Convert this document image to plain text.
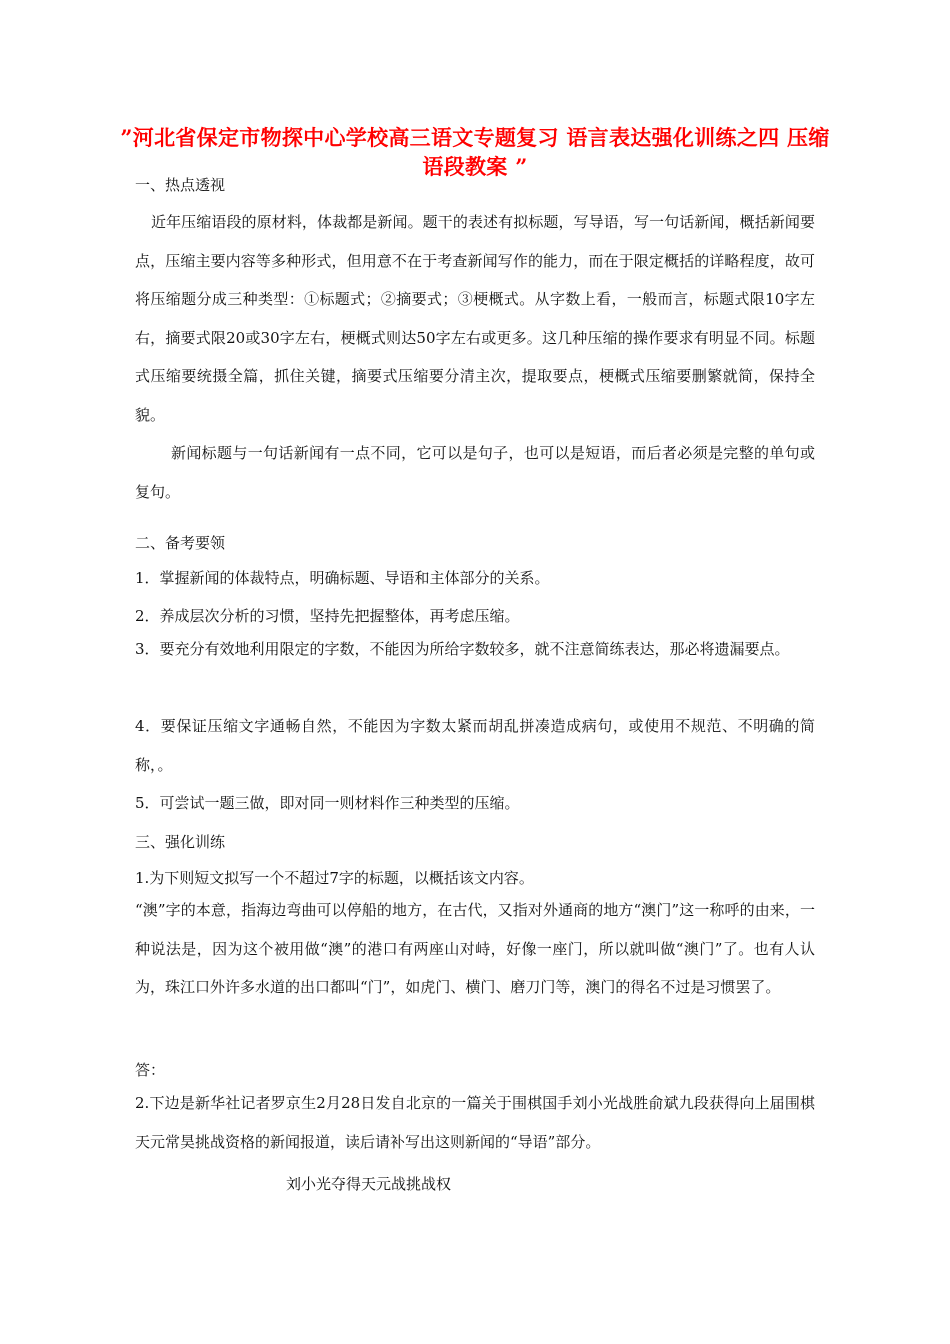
”河北省保定市物探中心学校高三语文专题复习 语言表达强化训练之四 压缩语段教案 ”
一、热点透视
近年压缩语段的原材料，体裁都是新闻。题干的表述有拟标题，写导语，写一句话新闻，概括新闻要点，压缩主要内容等多种形式，但用意不在于考查新闻写作的能力，而在于限定概括的详略程度，故可将压缩题分成三种类型：①标题式；②摘要式；③梗概式。从字数上看，一般而言，标题式限10字左右，摘要式限20或30字左右，梗概式则达50字左右或更多。这几种压缩的操作要求有明显不同。标题式压缩要统摄全篇，抓住关键，摘要式压缩要分清主次，提取要点，梗概式压缩要删繁就简，保持全貌。
新闻标题与一句话新闻有一点不同，它可以是句子，也可以是短语，而后者必须是完整的单句或复句。
二、备考要领
1．掌握新闻的体裁特点，明确标题、导语和主体部分的关系。
2．养成层次分析的习惯，坚持先把握整体，再考虑压缩。
3．要充分有效地利用限定的字数，不能因为所给字数较多，就不注意简练表达，那必将遗漏要点。
4．要保证压缩文字通畅自然，不能因为字数太紧而胡乱拼凑造成病句，或使用不规范、不明确的简称，。
5．可尝试一题三做，即对同一则材料作三种类型的压缩。
三、强化训练
1.为下则短文拟写一个不超过7字的标题，以概括该文内容。
“澳”字的本意，指海边弯曲可以停船的地方，在古代，又指对外通商的地方“澳门”这一称呼的由来，一种说法是，因为这个被用做“澳”的港口有两座山对峙，好像一座门，所以就叫做“澳门”了。也有人认为，珠江口外许多水道的出口都叫“门”，如虎门、横门、磨刀门等，澳门的得名不过是习惯罢了。
答：
2.下边是新华社记者罗京生2月28日发自北京的一篇关于围棋国手刘小光战胜俞斌九段获得向上届围棋天元常昊挑战资格的新闻报道，读后请补写出这则新闻的“导语”部分。
刘小光夺得天元战挑战权
